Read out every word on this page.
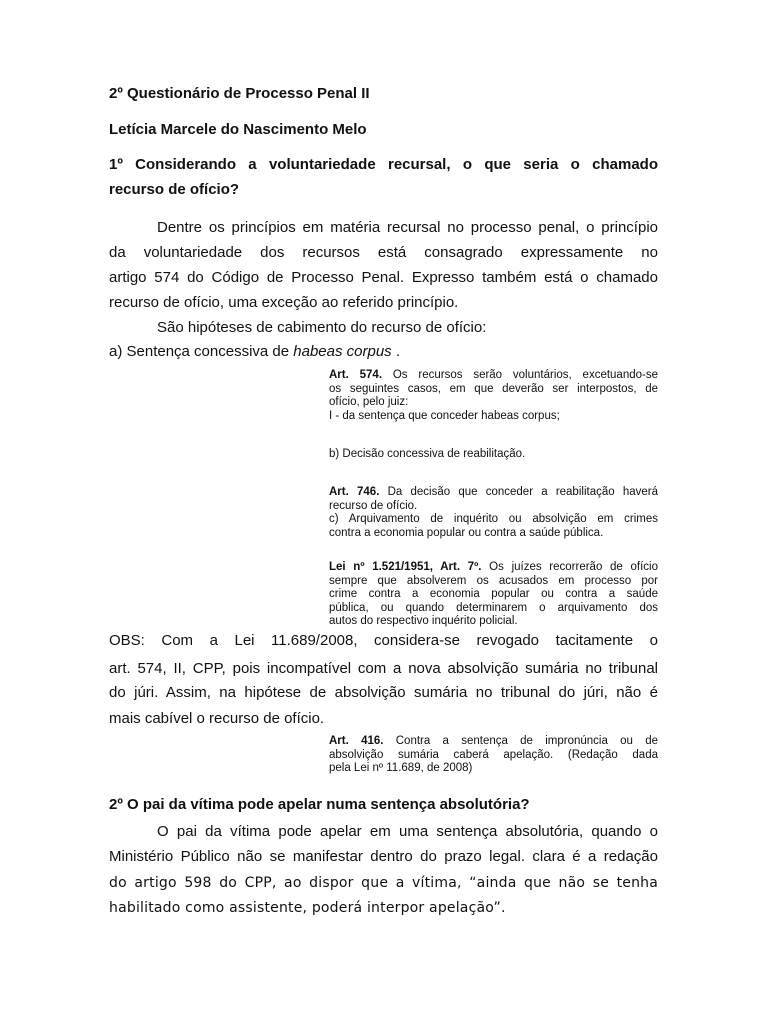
2º Questionário de Processo Penal II
Letícia Marcele do Nascimento Melo
1º Considerando a voluntariedade recursal, o que seria o chamado
recurso de ofício?
Dentre os princípios em matéria recursal no processo penal, o princípio
da voluntariedade dos recursos está consagrado expressamente no
artigo 574 do Código de Processo Penal. Expresso também está o chamado
recurso de ofício, uma exceção ao referido princípio.
São hipóteses de cabimento do recurso de ofício:
a) Sentença concessiva de habeas corpus .
Art. 574. Os recursos serão voluntários, excetuando-se
os seguintes casos, em que deverão ser interpostos, de
ofício, pelo juiz:
I - da sentença que conceder habeas corpus;
b) Decisão concessiva de reabilitação.
Art. 746. Da decisão que conceder a reabilitação haverá
recurso de ofício.
c) Arquivamento de inquérito ou absolvição em crimes
contra a economia popular ou contra a saúde pública.
Lei nº 1.521/1951, Art. 7º. Os juízes recorrerão de ofício
sempre que absolverem os acusados em processo por
crime contra a economia popular ou contra a saúde
pública, ou quando determinarem o arquivamento dos
autos do respectivo inquérito policial.
OBS: Com a Lei 11.689/2008, considera-se revogado tacitamente o
art. 574, II, CPP, pois incompatível com a nova absolvição sumária no tribunal
do júri. Assim, na hipótese de absolvição sumária no tribunal do júri, não é
mais cabível o recurso de ofício.
Art. 416. Contra a sentença de impronúncia ou de
absolvição sumária caberá apelação. (Redação dada
pela Lei nº 11.689, de 2008)
2º O pai da vítima pode apelar numa sentença absolutória?
O pai da vítima pode apelar em uma sentença absolutória, quando o
Ministério Público não se manifestar dentro do prazo legal. clara é a redação
do artigo 598 do CPP, ao dispor que a vítima, “ainda que não se tenha
habilitado como assistente, poderá interpor apelação”.
